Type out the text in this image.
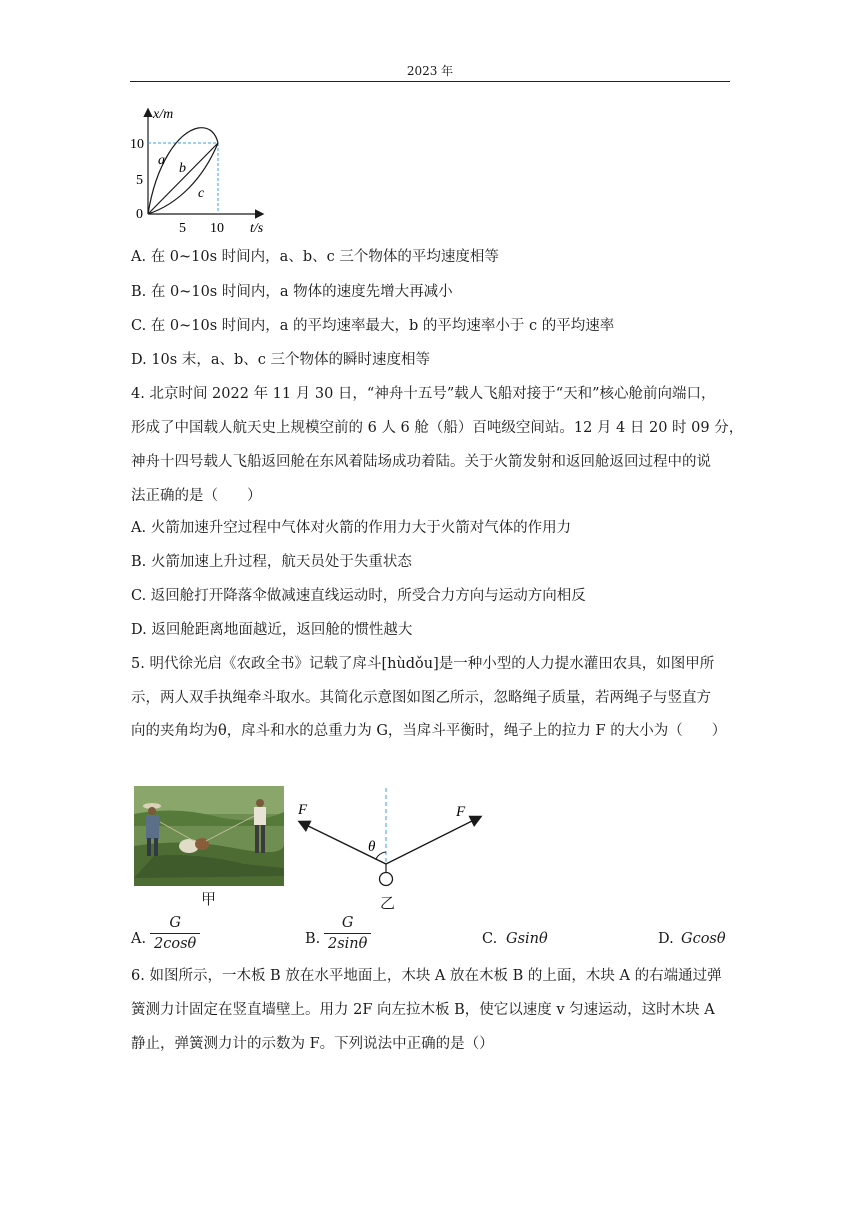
2023 年
x/m
t/s
10
5
0
5 10
a
b
c
A. 在 0~10s 时间内，a、b、c 三个物体的平均速度相等
B. 在 0~10s 时间内，a 物体的速度先增大再减小
C. 在 0~10s 时间内，a 的平均速率最大，b 的平均速率小于 c 的平均速率
D. 10s 末，a、b、c 三个物体的瞬时速度相等
4. 北京时间 2022 年 11 月 30 日，“神舟十五号”载人飞船对接于“天和”核心舱前向端口，
形成了中国载人航天史上规模空前的 6 人 6 舱（船）百吨级空间站。12 月 4 日 20 时 09 分，
神舟十四号载人飞船返回舱在东风着陆场成功着陆。关于火箭发射和返回舱返回过程中的说
法正确的是（　　）
A. 火箭加速升空过程中气体对火箭的作用力大于火箭对气体的作用力
B. 火箭加速上升过程，航天员处于失重状态
C. 返回舱打开降落伞做减速直线运动时，所受合力方向与运动方向相反
D. 返回舱距离地面越近，返回舱的惯性越大
5. 明代徐光启《农政全书》记载了戽斗[hùdǒu]是一种小型的人力提水灌田农具，如图甲所
示，两人双手执绳牵斗取水。其简化示意图如图乙所示，忽略绳子质量，若两绳子与竖直方
向的夹角均为θ，戽斗和水的总重力为 G，当戽斗平衡时，绳子上的拉力 F 的大小为（　　）
甲
F	F
θ
乙
A. $\frac{G}{2\cos\theta}$	B. $\frac{G}{2\sin\theta}$	C. Gsinθ	D. Gcosθ
6. 如图所示，一木板 B 放在水平地面上，木块 A 放在木板 B 的上面，木块 A 的右端通过弹
簧测力计固定在竖直墙壁上。用力 2F 向左拉木板 B，使它以速度 v 匀速运动，这时木块 A
静止，弹簧测力计的示数为 F。下列说法中正确的是（）
